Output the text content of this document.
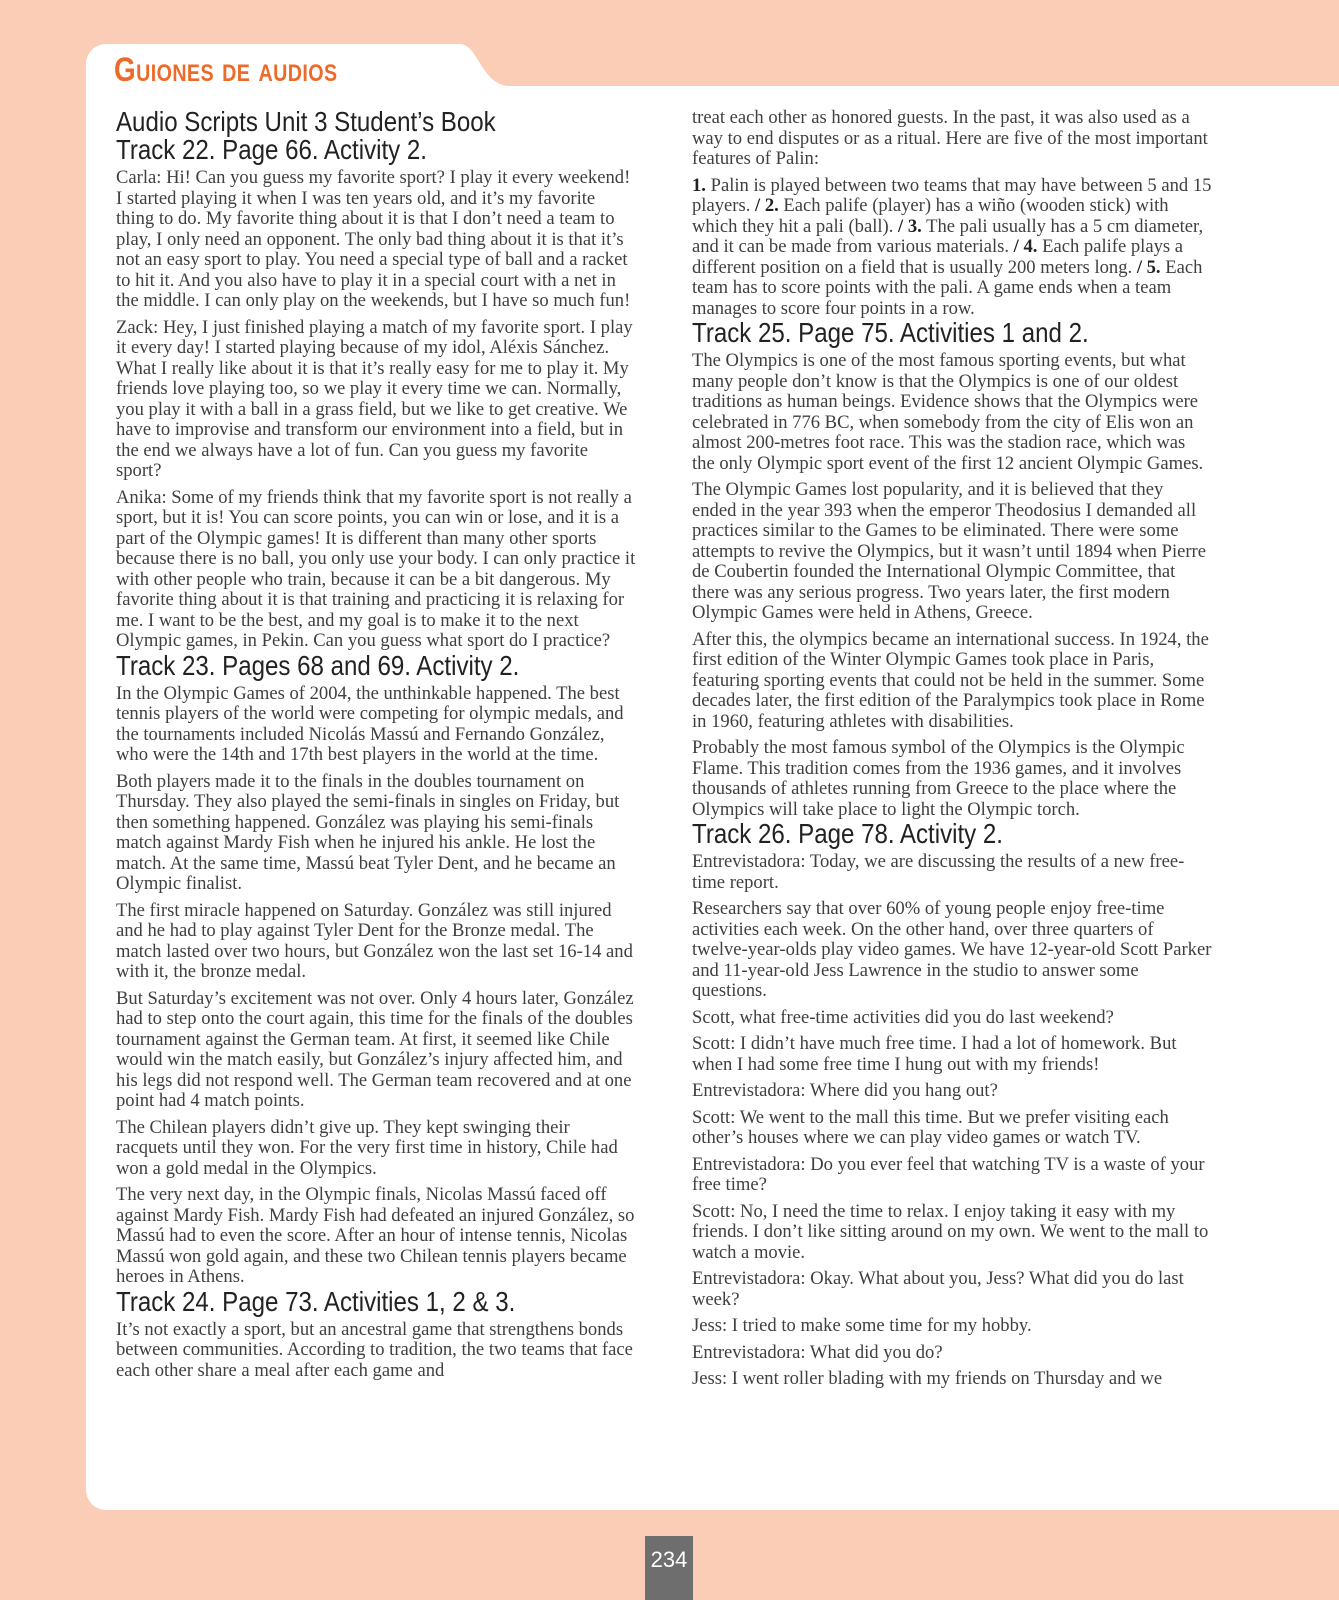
Guiones de audios
Audio Scripts Unit 3 Student’s Book
Track 22. Page 66. Activity 2.

Carla: Hi! Can you guess my favorite sport? I play it every weekend! I started playing it when I was ten years old, and it’s my favorite thing to do. My favorite thing about it is that I don’t need a team to play, I only need an opponent. The only bad thing about it is that it’s not an easy sport to play. You need a special type of ball and a racket to hit it. And you also have to play it in a special court with a net in the middle. I can only play on the weekends, but I have so much fun!

Zack: Hey, I just finished playing a match of my favorite sport. I play it every day! I started playing because of my idol, Aléxis Sánchez. What I really like about it is that it’s really easy for me to play it. My friends love playing too, so we play it every time we can. Normally, you play it with a ball in a grass field, but we like to get creative. We have to improvise and transform our environment into a field, but in the end we always have a lot of fun. Can you guess my favorite sport?

Anika: Some of my friends think that my favorite sport is not really a sport, but it is! You can score points, you can win or lose, and it is a part of the Olympic games! It is different than many other sports because there is no ball, you only use your body. I can only practice it with other people who train, because it can be a bit dangerous. My favorite thing about it is that training and practicing it is relaxing for me. I want to be the best, and my goal is to make it to the next Olympic games, in Pekin. Can you guess what sport do I practice?

Track 23. Pages 68 and 69. Activity 2.

In the Olympic Games of 2004, the unthinkable happened. The best tennis players of the world were competing for olympic medals, and the tournaments included Nicolás Massú and Fernando González, who were the 14th and 17th best players in the world at the time.

Both players made it to the finals in the doubles tournament on Thursday. They also played the semi-finals in singles on Friday, but then something happened. González was playing his semi-finals match against Mardy Fish when he injured his ankle. He lost the match. At the same time, Massú beat Tyler Dent, and he became an Olympic finalist.

The first miracle happened on Saturday. González was still injured and he had to play against Tyler Dent for the Bronze medal. The match lasted over two hours, but González won the last set 16-14 and with it, the bronze medal.

But Saturday’s excitement was not over. Only 4 hours later, González had to step onto the court again, this time for the finals of the doubles tournament against the German team. At first, it seemed like Chile would win the match easily, but González’s injury affected him, and his legs did not respond well. The German team recovered and at one point had 4 match points.

The Chilean players didn’t give up. They kept swinging their racquets until they won. For the very first time in history, Chile had won a gold medal in the Olympics.

The very next day, in the Olympic finals, Nicolas Massú faced off against Mardy Fish. Mardy Fish had defeated an injured González, so Massú had to even the score. After an hour of intense tennis, Nicolas Massú won gold again, and these two Chilean tennis players became heroes in Athens.

Track 24. Page 73. Activities 1, 2 & 3.

It’s not exactly a sport, but an ancestral game that strengthens bonds between communities. According to tradition, the two teams that face each other share a meal after each game and

treat each other as honored guests. In the past, it was also used as a way to end disputes or as a ritual. Here are five of the most important features of Palin:

1. Palin is played between two teams that may have between 5 and 15 players. / 2. Each palife (player) has a wiño (wooden stick) with which they hit a pali (ball). / 3. The pali usually has a 5 cm diameter, and it can be made from various materials. / 4. Each palife plays a different position on a field that is usually 200 meters long. / 5. Each team has to score points with the pali. A game ends when a team manages to score four points in a row.

Track 25. Page 75. Activities 1 and 2.

The Olympics is one of the most famous sporting events, but what many people don’t know is that the Olympics is one of our oldest traditions as human beings. Evidence shows that the Olympics were celebrated in 776 BC, when somebody from the city of Elis won an almost 200-metres foot race. This was the stadion race, which was the only Olympic sport event of the first 12 ancient Olympic Games.

The Olympic Games lost popularity, and it is believed that they ended in the year 393 when the emperor Theodosius I demanded all practices similar to the Games to be eliminated. There were some attempts to revive the Olympics, but it wasn’t until 1894 when Pierre de Coubertin founded the International Olympic Committee, that there was any serious progress. Two years later, the first modern Olympic Games were held in Athens, Greece.

After this, the olympics became an international success. In 1924, the first edition of the Winter Olympic Games took place in Paris, featuring sporting events that could not be held in the summer. Some decades later, the first edition of the Paralympics took place in Rome in 1960, featuring athletes with disabilities.

Probably the most famous symbol of the Olympics is the Olympic Flame. This tradition comes from the 1936 games, and it involves thousands of athletes running from Greece to the place where the Olympics will take place to light the Olympic torch.

Track 26. Page 78. Activity 2.

Entrevistadora: Today, we are discussing the results of a new free-time report.

Researchers say that over 60% of young people enjoy free-time activities each week. On the other hand, over three quarters of twelve-year-olds play video games. We have 12-year-old Scott Parker and 11-year-old Jess Lawrence in the studio to answer some questions.

Scott, what free-time activities did you do last weekend?

Scott: I didn’t have much free time. I had a lot of homework. But when I had some free time I hung out with my friends!

Entrevistadora: Where did you hang out?

Scott: We went to the mall this time. But we prefer visiting each other’s houses where we can play video games or watch TV.

Entrevistadora: Do you ever feel that watching TV is a waste of your free time?

Scott: No, I need the time to relax. I enjoy taking it easy with my friends. I don’t like sitting around on my own. We went to the mall to watch a movie.

Entrevistadora: Okay. What about you, Jess? What did you do last week?

Jess: I tried to make some time for my hobby.

Entrevistadora: What did you do?

Jess: I went roller blading with my friends on Thursday and we

234
